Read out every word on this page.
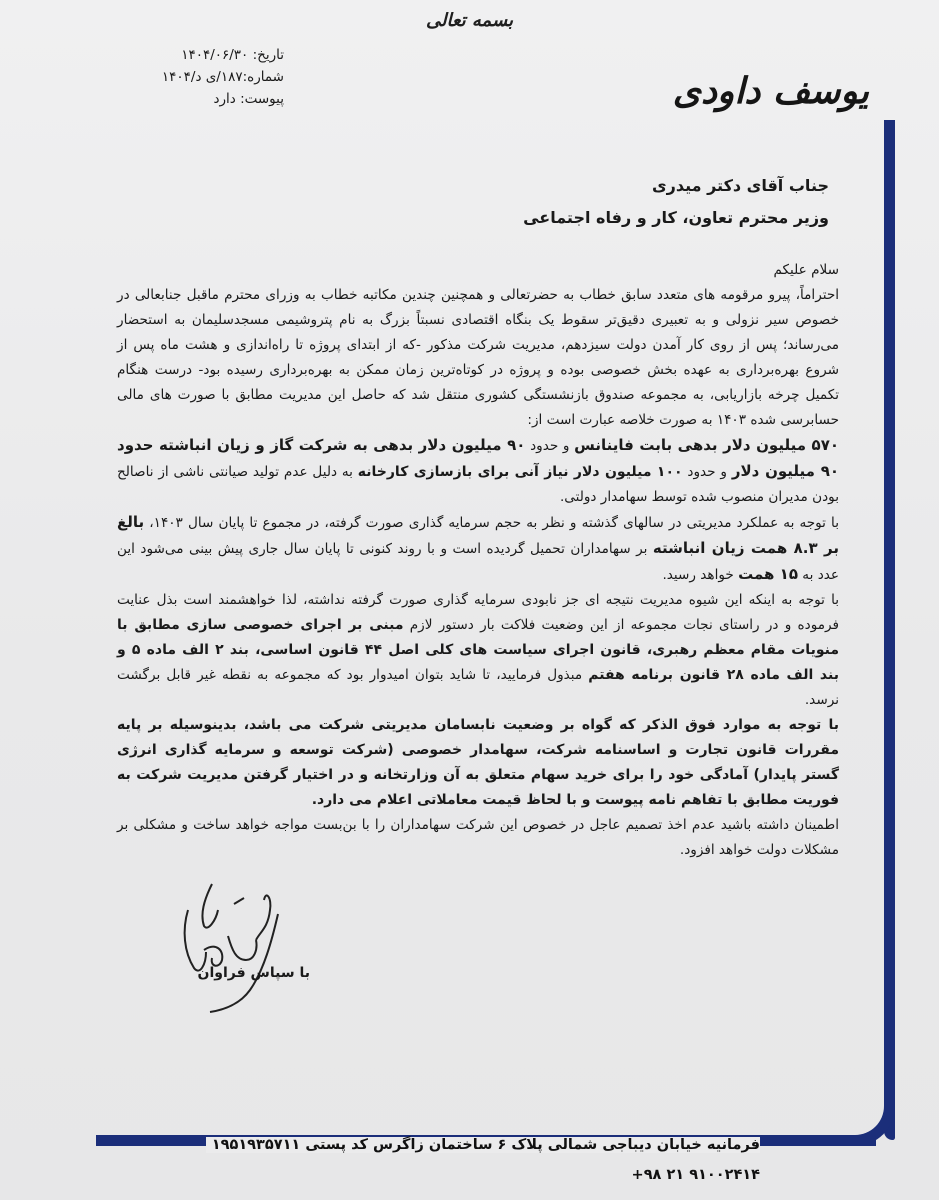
بسمه تعالی
تاریخ: ۱۴۰۴/۰۶/۳۰
شماره:۱۸۷/ی د/۱۴۰۴
پیوست: دارد	یوسف داودی
جناب آقای دکتر میدری
وزیر محترم تعاون، کار و رفاه اجتماعی

سلام علیکم

احتراماً، پیرو مرقومه های متعدد سابق خطاب به حضرتعالی و همچنین چندین مکاتبه خطاب به وزرای محترم ماقبل جنابعالی در خصوص سیر نزولی و به تعبیری دقیق‌تر سقوط یک بنگاه اقتصادی نسبتاً بزرگ به نام پتروشیمی مسجدسلیمان به استحضار می‌رساند؛ پس از روی کار آمدن دولت سیزدهم، مدیریت شرکت مذکور -که از ابتدای پروژه تا راه‌اندازی و هشت ماه پس از شروع بهره‌برداری به عهده بخش خصوصی بوده و پروژه در کوتاه‌ترین زمان ممکن به بهره‌برداری رسیده بود- درست هنگام تکمیل چرخه بازاریابی، به مجموعه صندوق بازنشستگی کشوری منتقل شد که حاصل این مدیریت مطابق با صورت های مالی حسابرسی شده ۱۴۰۳ به صورت خلاصه عبارت است از:

۵۷۰ میلیون دلار بدهی بابت فاینانس و حدود ۹۰ میلیون دلار بدهی به شرکت گاز و زیان انباشته حدود ۹۰ میلیون دلار و حدود ۱۰۰ میلیون دلار نیاز آنی برای بازسازی کارخانه به دلیل عدم تولید صیانتی ناشی از ناصالح بودن مدیران منصوب شده توسط سهامدار دولتی.

با توجه به عملکرد مدیریتی در سالهای گذشته و نظر به حجم سرمایه گذاری صورت گرفته، در مجموع تا پایان سال ۱۴۰۳، بالغ بر ۸.۳ همت زیان انباشته بر سهامداران تحمیل گردیده است و با روند کنونی تا پایان سال جاری پیش بینی می‌شود این عدد به ۱۵ همت خواهد رسید.

با توجه به اینکه این شیوه مدیریت نتیجه ای جز نابودی سرمایه گذاری صورت گرفته نداشته، لذا خواهشمند است بذل عنایت فرموده و در راستای نجات مجموعه از این وضعیت فلاکت بار دستور لازم مبنی بر اجرای خصوصی سازی مطابق با منویات مقام معظم رهبری، قانون اجرای سیاست های کلی اصل ۴۴ قانون اساسی، بند ۲ الف ماده ۵ و بند الف ماده ۲۸ قانون برنامه هفتم مبذول فرمایید، تا شاید بتوان امیدوار بود که مجموعه به نقطه غیر قابل برگشت نرسد.

با توجه به موارد فوق الذکر که گواه بر وضعیت نابسامان مدیریتی شرکت می باشد، بدینوسیله بر پایه مقررات قانون تجارت و اساسنامه شرکت، سهامدار خصوصی (شرکت توسعه و سرمایه گذاری انرژی گستر پایدار) آمادگی خود را برای خرید سهام متعلق به آن وزارتخانه و در اختیار گرفتن مدیریت شرکت به فوریت مطابق با تفاهم نامه پیوست و با لحاظ قیمت معاملاتی اعلام می دارد.

اطمینان داشته باشید عدم اخذ تصمیم عاجل در خصوص این شرکت سهامداران را با بن‌بست مواجه خواهد ساخت و مشکلی بر مشکلات دولت خواهد افزود.

با سپاس فراوان
فرمانیه خیابان دیباجی شمالی پلاک ۶ ساختمان زاگرس کد پستی ۱۹۵۱۹۳۵۷۱۱
+۹۸ ۲۱ ۹۱۰۰۲۴۱۴
